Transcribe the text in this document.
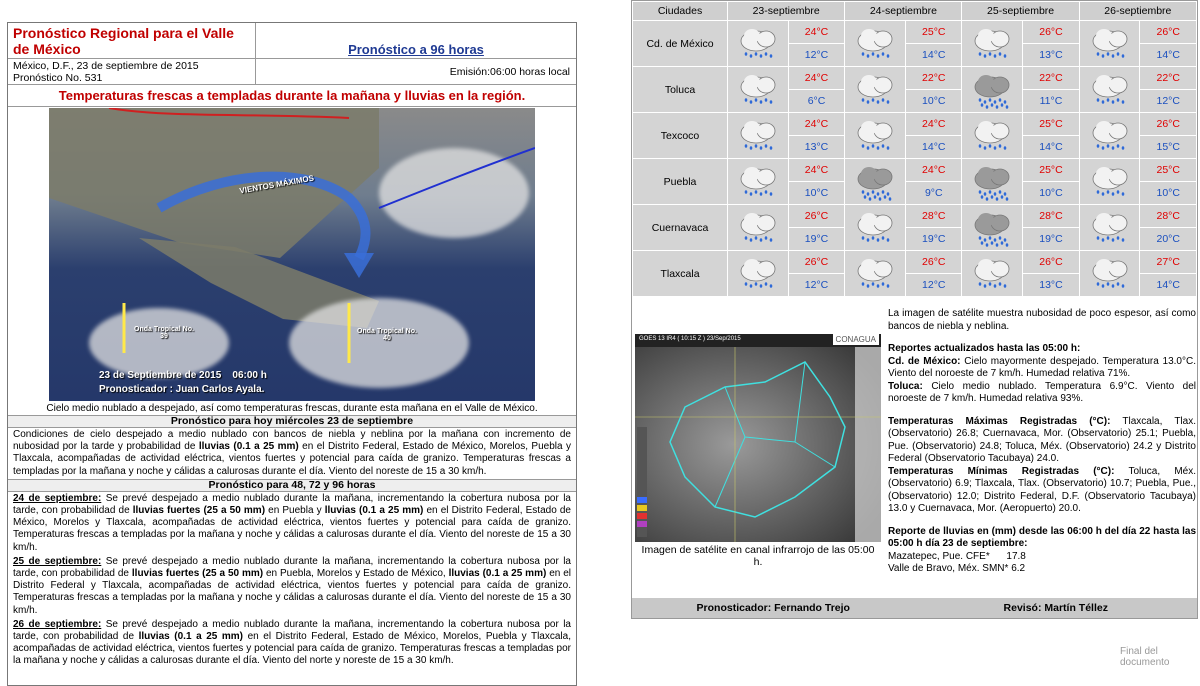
Pronóstico Regional para el Valle de México	Pronóstico a 96 horas
México, D.F., 23 de septiembre de 2015
Pronóstico No. 531
Emisión:06:00 horas local
Temperaturas frescas a templadas durante la mañana y lluvias en la región.
VIENTOS MÁXIMOS
Onda Tropical No. 39
Onda Tropical No. 40
23 de Septiembre de 2015    06:00 h
Pronosticador : Juan Carlos Ayala.
Cielo medio nublado a despejado, así como temperaturas frescas, durante esta mañana en el Valle de México.
Pronóstico para hoy miércoles 23 de septiembre
Condiciones de cielo despejado a medio nublado con bancos de niebla y neblina por la mañana con incremento de nubosidad por la tarde y probabilidad de lluvias (0.1 a 25 mm) en el Distrito Federal, Estado de México, Morelos, Puebla y Tlaxcala, acompañadas de actividad eléctrica, vientos fuertes y potencial para caída de granizo. Temperaturas frescas a templadas por la mañana y noche y cálidas a calurosas durante el día. Viento del noreste de 15 a 30 km/h.
Pronóstico para 48, 72 y 96 horas
24 de septiembre: Se prevé despejado a medio nublado durante la mañana, incrementando la cobertura nubosa por la tarde, con probabilidad de lluvias fuertes (25 a 50 mm) en Puebla y lluvias (0.1 a 25 mm) en el Distrito Federal, Estado de México, Morelos y Tlaxcala, acompañadas de actividad eléctrica, vientos fuertes y potencial para caída de granizo. Temperaturas frescas a templadas por la mañana y noche y cálidas a calurosas durante el día. Viento del noreste de 15 a 30 km/h.
25 de septiembre: Se prevé despejado a medio nublado durante la mañana, incrementando la cobertura nubosa por la tarde, con probabilidad de lluvias fuertes (25 a 50 mm) en Puebla, Morelos y Estado de México, lluvias (0.1 a 25 mm) en el Distrito Federal y Tlaxcala, acompañadas de actividad eléctrica, vientos fuertes y potencial para caída de granizo. Temperaturas frescas a templadas por la mañana y noche y cálidas a calurosas durante el día. Viento del noreste de 15 a 30 km/h.
26 de septiembre: Se prevé despejado a medio nublado durante la mañana, incrementando la cobertura nubosa por la tarde, con probabilidad de lluvias (0.1 a 25 mm) en el Distrito Federal, Estado de México, Morelos, Puebla y Tlaxcala, acompañadas de actividad eléctrica, vientos fuertes y potencial para caída de granizo. Temperaturas frescas a templadas por la mañana y noche y cálidas a calurosas durante el día. Viento del norte y noreste de 15 a 30 km/h.
Ciudades	23-septiembre		24-septiembre		25-septiembre		26-septiembre	
Cd. de México		24°C		25°C		26°C		26°C
		12°C		14°C		13°C		14°C
Toluca		24°C		22°C		22°C		22°C
		6°C		10°C		11°C		12°C
Texcoco		24°C		24°C		25°C		26°C
		13°C		14°C		14°C		15°C
Puebla		24°C		24°C		25°C		25°C
		10°C		9°C		10°C		10°C
Cuernavaca		26°C		28°C		28°C		28°C
		19°C		19°C		19°C		20°C
Tlaxcala		26°C		26°C		26°C		27°C
		12°C		12°C		13°C		14°C
GOES 13 IR4 ( 10:15 Z ) 23/Sep/2015	CONAGUA
Imagen de satélite en canal infrarrojo de las 05:00 h.

La imagen de satélite muestra nubosidad de poco espesor, así como bancos de niebla y neblina.

Reportes actualizados hasta las 05:00 h:
Cd. de México: Cielo mayormente despejado. Temperatura 13.0°C. Viento del noroeste de 7 km/h. Humedad relativa 71%.

Toluca: Cielo medio nublado. Temperatura 6.9°C. Viento del noroeste de 7 km/h. Humedad relativa 93%.

Temperaturas Máximas Registradas (°C): Tlaxcala, Tlax. (Observatorio) 26.8; Cuernavaca, Mor. (Observatorio) 25.1; Puebla, Pue. (Observatorio) 24.8; Toluca, Méx. (Observatorio) 24.2 y Distrito Federal (Observatorio Tacubaya) 24.0.

Temperaturas Mínimas Registradas (°C): Toluca, Méx. (Observatorio) 6.9; Tlaxcala, Tlax. (Observatorio) 10.7; Puebla, Pue., (Observatorio) 12.0; Distrito Federal, D.F. (Observatorio Tacubaya) 13.0 y Cuernavaca, Mor. (Aeropuerto) 20.0.

Reporte de lluvias en (mm) desde las 06:00 h del día 22 hasta las 05:00 h día 23 de septiembre:
Mazatepec, Pue. CFE*      17.8
Valle de Bravo, Méx. SMN* 6.2
Pronosticador: Fernando Trejo	Revisó: Martín Téllez
Final del documento
